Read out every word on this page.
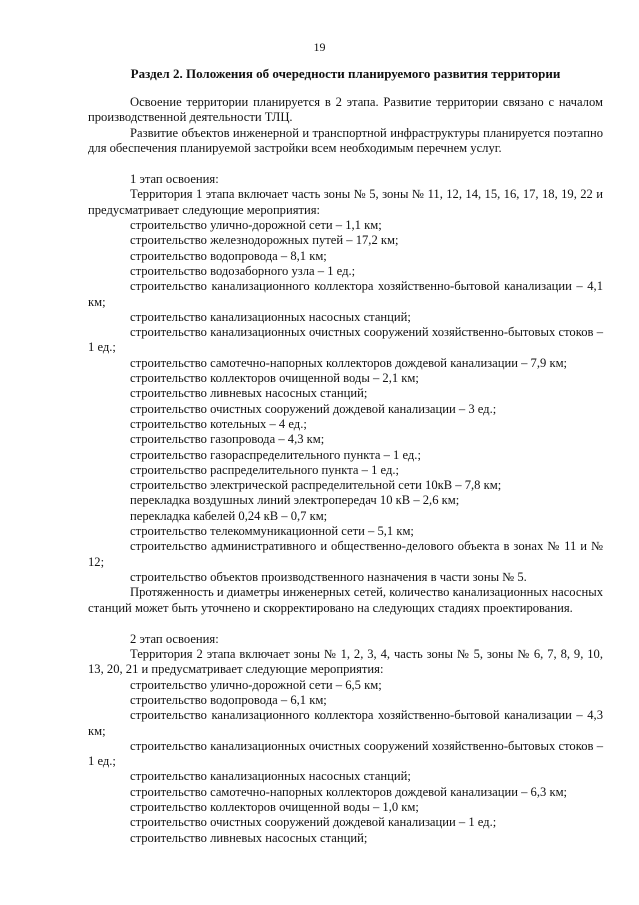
19
Раздел 2. Положения об очередности планируемого развития территории

Освоение территории планируется в 2 этапа. Развитие территории связано с началом производственной деятельности ТЛЦ.

Развитие объектов инженерной и транспортной инфраструктуры планируется поэтапно для обеспечения планируемой застройки всем необходимым перечнем услуг.

1 этап освоения:

Территория 1 этапа включает часть зоны № 5, зоны № 11, 12, 14, 15, 16, 17, 18, 19, 22 и предусматривает следующие мероприятия:

строительство улично-дорожной сети – 1,1 км;

строительство железнодорожных путей – 17,2 км;

строительство водопровода – 8,1 км;

строительство водозаборного узла – 1 ед.;

строительство канализационного коллектора хозяйственно-бытовой канализации – 4,1 км;

строительство канализационных насосных станций;

строительство канализационных очистных сооружений хозяйственно-бытовых стоков – 1 ед.;

строительство самотечно-напорных коллекторов дождевой канализации – 7,9 км;

строительство коллекторов очищенной воды – 2,1 км;

строительство ливневых насосных станций;

строительство очистных сооружений дождевой канализации – 3 ед.;

строительство котельных – 4 ед.;

строительство газопровода – 4,3 км;

строительство газораспределительного пункта – 1 ед.;

строительство распределительного пункта – 1 ед.;

строительство электрической распределительной сети 10кВ – 7,8 км;

перекладка воздушных линий электропередач 10 кВ – 2,6 км;

перекладка кабелей 0,24 кВ – 0,7 км;

строительство телекоммуникационной сети – 5,1 км;

строительство административного и общественно-делового объекта в зонах № 11 и № 12;

строительство объектов производственного назначения в части зоны № 5.

Протяженность и диаметры инженерных сетей, количество канализационных насосных станций может быть уточнено и скорректировано на следующих стадиях проектирования.

2 этап освоения:

Территория 2 этапа включает зоны № 1, 2, 3, 4, часть зоны № 5, зоны № 6, 7, 8, 9, 10, 13, 20, 21 и предусматривает следующие мероприятия:

строительство улично-дорожной сети – 6,5 км;

строительство водопровода – 6,1 км;

строительство канализационного коллектора хозяйственно-бытовой канализации – 4,3 км;

строительство канализационных очистных сооружений хозяйственно-бытовых стоков – 1 ед.;

строительство канализационных насосных станций;

строительство самотечно-напорных коллекторов дождевой канализации – 6,3 км;

строительство коллекторов очищенной воды – 1,0 км;

строительство очистных сооружений дождевой канализации – 1 ед.;

строительство ливневых насосных станций;
